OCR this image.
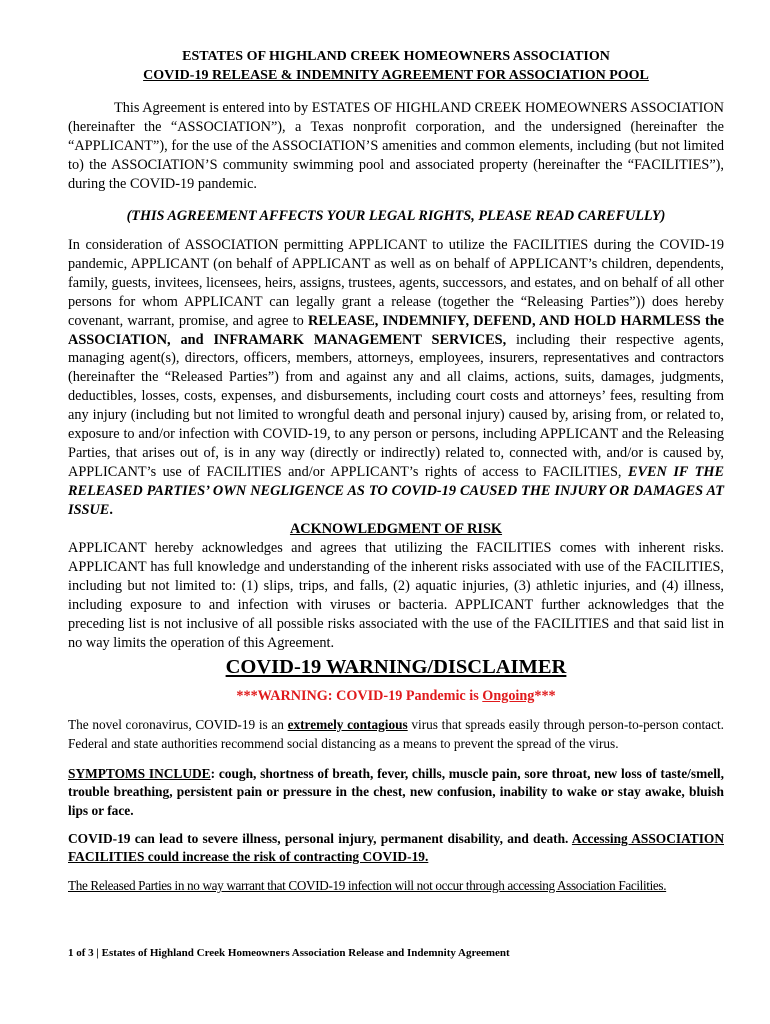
ESTATES OF HIGHLAND CREEK HOMEOWNERS ASSOCIATION
COVID-19 RELEASE & INDEMNITY AGREEMENT FOR ASSOCIATION POOL
This Agreement is entered into by ESTATES OF HIGHLAND CREEK HOMEOWNERS ASSOCIATION (hereinafter the “ASSOCIATION”), a Texas nonprofit corporation, and the undersigned (hereinafter the “APPLICANT”), for the use of the ASSOCIATION’S amenities and common elements, including (but not limited to) the ASSOCIATION’S community swimming pool and associated property (hereinafter the “FACILITIES”), during the COVID-19 pandemic.
(THIS AGREEMENT AFFECTS YOUR LEGAL RIGHTS, PLEASE READ CAREFULLY)
In consideration of ASSOCIATION permitting APPLICANT to utilize the FACILITIES during the COVID-19 pandemic, APPLICANT (on behalf of APPLICANT as well as on behalf of APPLICANT’s children, dependents, family, guests, invitees, licensees, heirs, assigns, trustees, agents, successors, and estates, and on behalf of all other persons for whom APPLICANT can legally grant a release (together the “Releasing Parties”)) does hereby covenant, warrant, promise, and agree to RELEASE, INDEMNIFY, DEFEND, AND HOLD HARMLESS the ASSOCIATION, and INFRAMARK MANAGEMENT SERVICES, including their respective agents, managing agent(s), directors, officers, members, attorneys, employees, insurers, representatives and contractors (hereinafter the “Released Parties”) from and against any and all claims, actions, suits, damages, judgments, deductibles, losses, costs, expenses, and disbursements, including court costs and attorneys’ fees, resulting from any injury (including but not limited to wrongful death and personal injury) caused by, arising from, or related to, exposure to and/or infection with COVID-19, to any person or persons, including APPLICANT and the Releasing Parties, that arises out of, is in any way (directly or indirectly) related to, connected with, and/or is caused by, APPLICANT’s use of FACILITIES and/or APPLICANT’s rights of access to FACILITIES, EVEN IF THE RELEASED PARTIES’ OWN NEGLIGENCE AS TO COVID-19 CAUSED THE INJURY OR DAMAGES AT ISSUE.
ACKNOWLEDGMENT OF RISK
APPLICANT hereby acknowledges and agrees that utilizing the FACILITIES comes with inherent risks. APPLICANT has full knowledge and understanding of the inherent risks associated with use of the FACILITIES, including but not limited to: (1) slips, trips, and falls, (2) aquatic injuries, (3) athletic injuries, and (4) illness, including exposure to and infection with viruses or bacteria. APPLICANT further acknowledges that the preceding list is not inclusive of all possible risks associated with the use of the FACILITIES and that said list in no way limits the operation of this Agreement.
COVID-19 WARNING/DISCLAIMER
***WARNING: COVID-19 Pandemic is Ongoing***
The novel coronavirus, COVID-19 is an extremely contagious virus that spreads easily through person-to-person contact. Federal and state authorities recommend social distancing as a means to prevent the spread of the virus.
SYMPTOMS INCLUDE: cough, shortness of breath, fever, chills, muscle pain, sore throat, new loss of taste/smell, trouble breathing, persistent pain or pressure in the chest, new confusion, inability to wake or stay awake, bluish lips or face.
COVID-19 can lead to severe illness, personal injury, permanent disability, and death. Accessing ASSOCIATION FACILITIES could increase the risk of contracting COVID-19.
The Released Parties in no way warrant that COVID-19 infection will not occur through accessing Association Facilities.
1 of 3 | Estates of Highland Creek Homeowners Association Release and Indemnity Agreement
